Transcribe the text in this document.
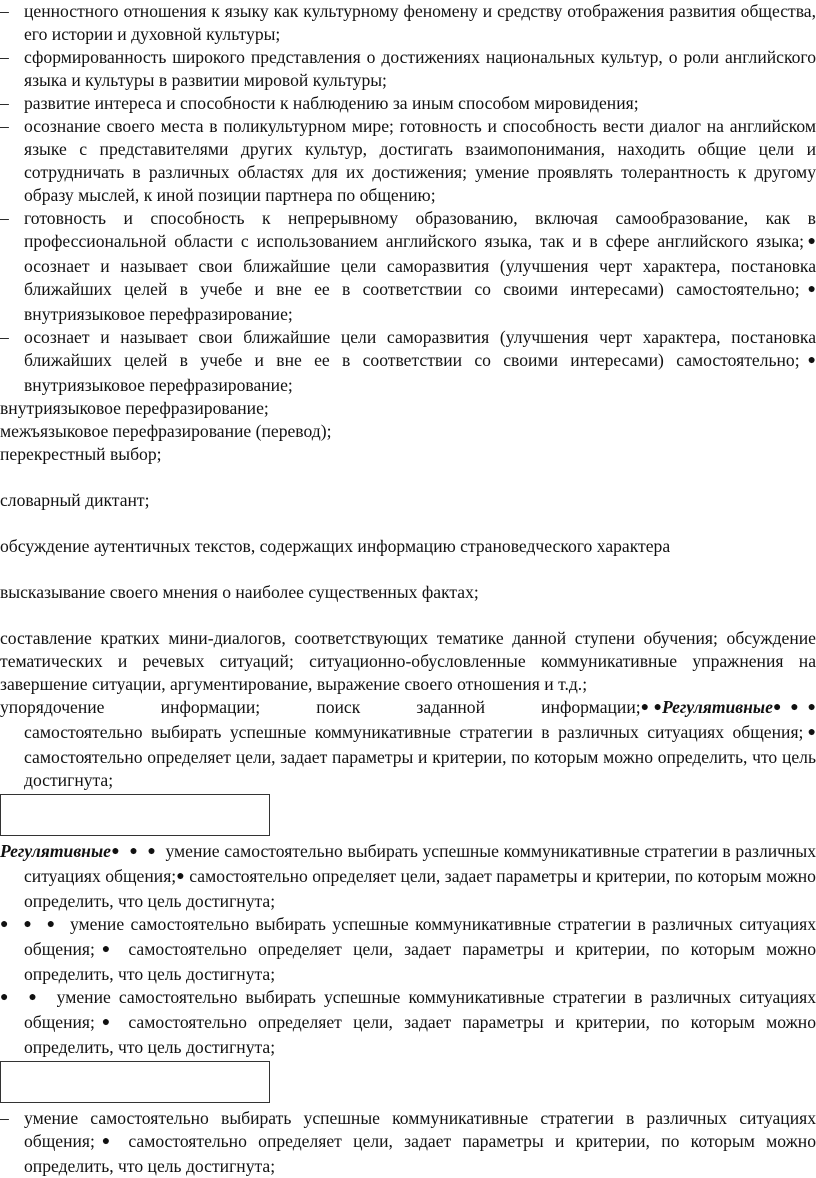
– ценностного отношения к языку как культурному феномену и средству отображения развития общества, его истории и духовной культуры;
– сформированность широкого представления о достижениях национальных культур, о роли английского языка и культуры в развитии мировой культуры;
– развитие интереса и способности к наблюдению за иным способом мировидения;
– осознание своего места в поликультурном мире; готовность и способность вести диалог на английском языке с представителями других культур, достигать взаимопонимания, находить общие цели и сотрудничать в различных областях для их достижения; умение проявлять толерантность к другому образу мыслей, к иной позиции партнера по общению;
– готовность и способность к непрерывному образованию, включая самообразование, как в профессиональной области с использованием английского языка, так и в сфере английского языка;● осознает и называет свои ближайшие цели саморазвития (улучшения черт характера, постановка ближайших целей в учебе и вне ее в соответствии со своими интересами) самостоятельно;● внутриязыковое перефразирование;
– осознает и называет свои ближайшие цели саморазвития (улучшения черт характера, постановка ближайших целей в учебе и вне ее в соответствии со своими интересами) самостоятельно;● внутриязыковое перефразирование;
внутриязыковое перефразирование;
межъязыковое перефразирование (перевод);
перекрестный выбор;
словарный диктант;
обсуждение аутентичных текстов, содержащих информацию страноведческого характера
высказывание своего мнения о наиболее существенных фактах;
составление кратких мини-диалогов, соответствующих тематике данной ступени обучения; обсуждение тематических и речевых ситуаций; ситуационно-обусловленные коммуникативные упражнения на завершение ситуации, аргументирование, выражение своего отношения и т.д.;
упорядочение	информации;	поиск	заданной	информации;● ●Регулятивные● ● ●
самостоятельно выбирать успешные коммуникативные стратегии в различных ситуациях общения;● самостоятельно определяет цели, задает параметры и критерии, по которым можно определить, что цель достигнута;
Регулятивные● ● ● умение самостоятельно выбирать успешные коммуникативные стратегии в различных ситуациях общения;● самостоятельно определяет цели, задает параметры и критерии, по которым можно определить, что цель достигнута;
● ● ● умение самостоятельно выбирать успешные коммуникативные стратегии в различных ситуациях общения;● самостоятельно определяет цели, задает параметры и критерии, по которым можно определить, что цель достигнута;
● ● умение самостоятельно выбирать успешные коммуникативные стратегии в различных ситуациях общения;● самостоятельно определяет цели, задает параметры и критерии, по которым можно определить, что цель достигнута;
– умение самостоятельно выбирать успешные коммуникативные стратегии в различных ситуациях общения;● самостоятельно определяет цели, задает параметры и критерии, по которым можно определить, что цель достигнута;
